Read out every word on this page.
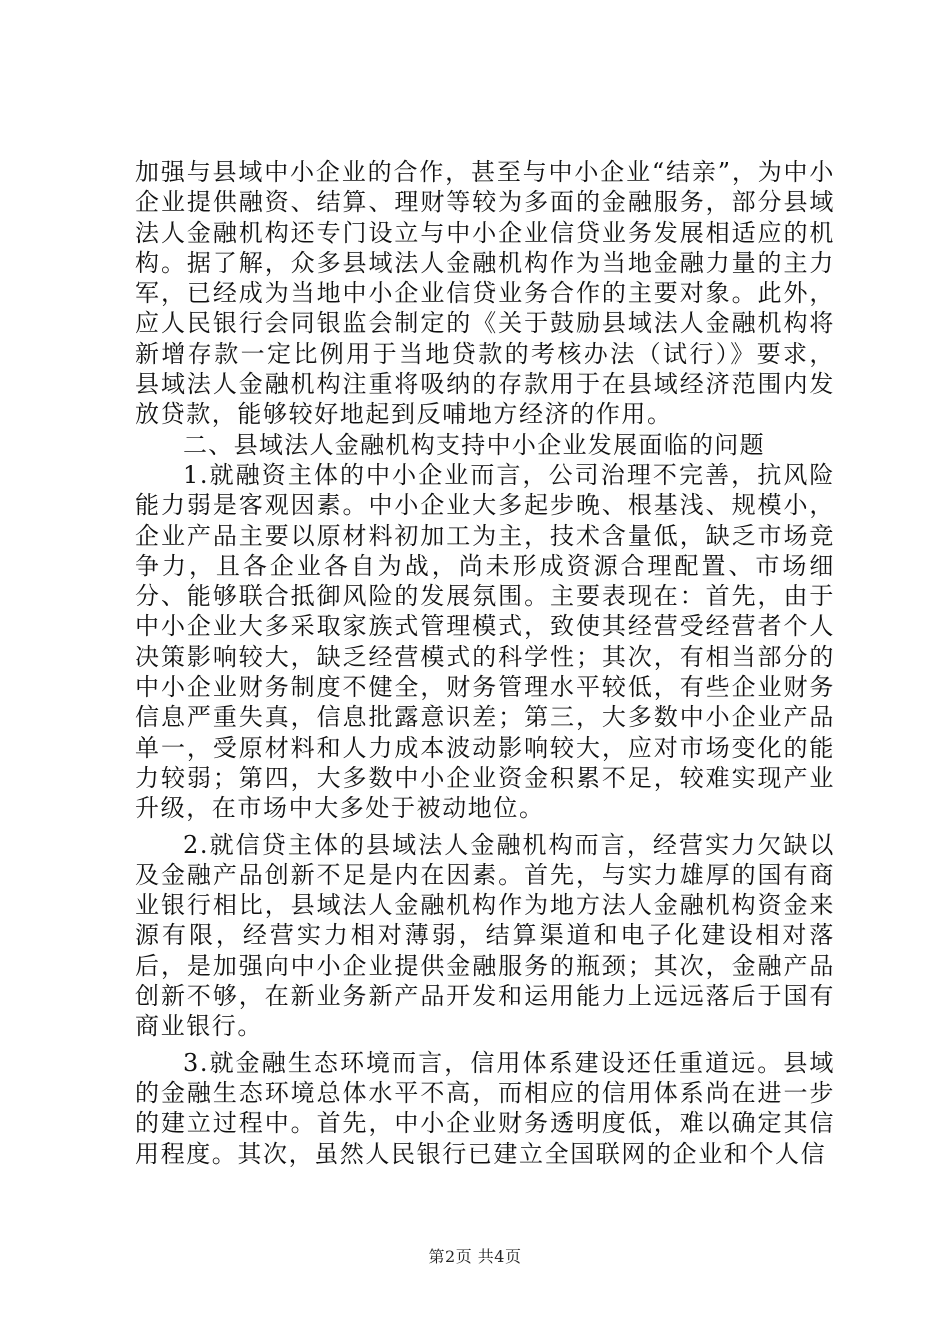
加强与县域中小企业的合作，甚至与中小企业“结亲”，为中小企业提供融资、结算、理财等较为多面的金融服务，部分县域法人金融机构还专门设立与中小企业信贷业务发展相适应的机构。据了解，众多县域法人金融机构作为当地金融力量的主力军，已经成为当地中小企业信贷业务合作的主要对象。此外，应人民银行会同银监会制定的《关于鼓励县域法人金融机构将新增存款一定比例用于当地贷款的考核办法（试行）》要求，县域法人金融机构注重将吸纳的存款用于在县域经济范围内发放贷款，能够较好地起到反哺地方经济的作用。

二、县域法人金融机构支持中小企业发展面临的问题

1.就融资主体的中小企业而言，公司治理不完善，抗风险能力弱是客观因素。中小企业大多起步晚、根基浅、规模小，企业产品主要以原材料初加工为主，技术含量低，缺乏市场竞争力，且各企业各自为战，尚未形成资源合理配置、市场细分、能够联合抵御风险的发展氛围。主要表现在：首先，由于中小企业大多采取家族式管理模式，致使其经营受经营者个人决策影响较大，缺乏经营模式的科学性；其次，有相当部分的中小企业财务制度不健全，财务管理水平较低，有些企业财务信息严重失真，信息批露意识差；第三，大多数中小企业产品单一，受原材料和人力成本波动影响较大，应对市场变化的能力较弱；第四，大多数中小企业资金积累不足，较难实现产业升级，在市场中大多处于被动地位。

2.就信贷主体的县域法人金融机构而言，经营实力欠缺以及金融产品创新不足是内在因素。首先，与实力雄厚的国有商业银行相比，县域法人金融机构作为地方法人金融机构资金来源有限，经营实力相对薄弱，结算渠道和电子化建设相对落后，是加强向中小企业提供金融服务的瓶颈；其次，金融产品创新不够，在新业务新产品开发和运用能力上远远落后于国有商业银行。

3.就金融生态环境而言，信用体系建设还任重道远。县域的金融生态环境总体水平不高，而相应的信用体系尚在进一步的建立过程中。首先，中小企业财务透明度低，难以确定其信用程度。其次，虽然人民银行已建立全国联网的企业和个人信

第2页 共4页
